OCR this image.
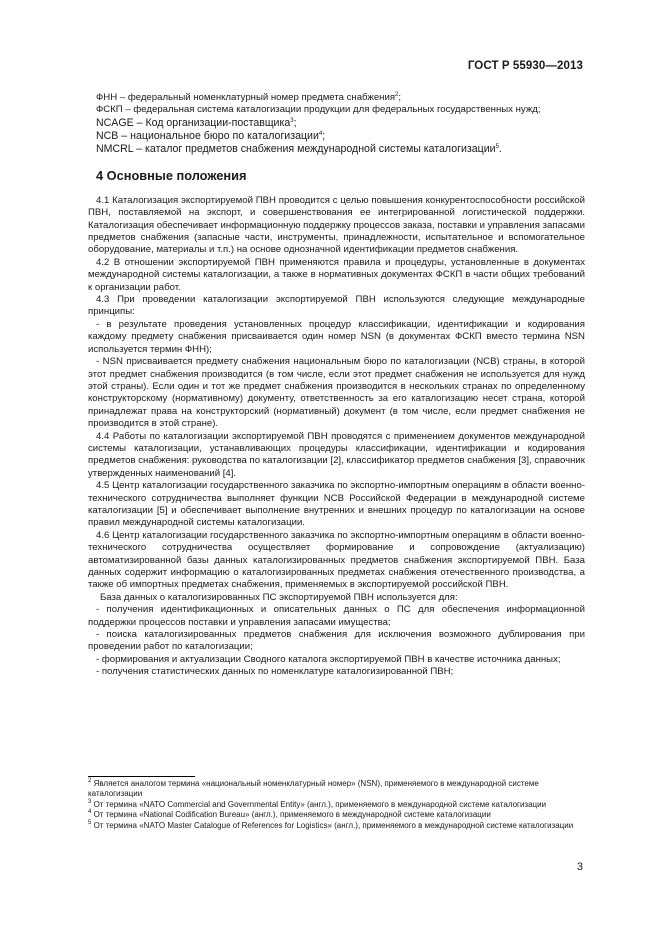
ГОСТ Р 55930—2013

ФНН – федеральный номенклатурный номер предмета снабжения$^2$;

ФСКП – федеральная система каталогизации продукции для федеральных государственных нужд;

NCAGE – Код организации-поставщика$^3$;

NCB – национальное бюро по каталогизации$^4$;

NMCRL – каталог предметов снабжения международной системы каталогизации$^5$.

4 Основные положения

4.1 Каталогизация экспортируемой ПВН проводится с целью повышения конкурентоспособности российской ПВН, поставляемой на экспорт, и совершенствования ее интегрированной логистической поддержки. Каталогизация обеспечивает информационную поддержку процессов заказа, поставки и управления запасами предметов снабжения (запасные части, инструменты, принадлежности, испытательное и вспомогательное оборудование, материалы и т.п.) на основе однозначной идентификации предметов снабжения.

4.2 В отношении экспортируемой ПВН применяются правила и процедуры, установленные в документах международной системы каталогизации, а также в нормативных документах ФСКП в части общих требований к организации работ.

4.3 При проведении каталогизации экспортируемой ПВН используются следующие международные принципы:

- в результате проведения установленных процедур классификации, идентификации и кодирования каждому предмету снабжения присваивается один номер NSN (в документах ФСКП вместо термина NSN используется термин ФНН);

- NSN присваивается предмету снабжения национальным бюро по каталогизации (NCB) страны, в которой этот предмет снабжения производится (в том числе, если этот предмет снабжения не используется для нужд этой страны). Если один и тот же предмет снабжения производится в нескольких странах по определенному конструкторскому (нормативному) документу, ответственность за его каталогизацию несет страна, которой принадлежат права на конструкторский (нормативный) документ (в том числе, если предмет снабжения не производится в этой стране).

4.4 Работы по каталогизации экспортируемой ПВН проводятся с применением документов международной системы каталогизации, устанавливающих процедуры классификации, идентификации и кодирования предметов снабжения: руководства по каталогизации [2], классификатор предметов снабжения [3], справочник утвержденных наименований [4].

4.5 Центр каталогизации государственного заказчика по экспортно-импортным операциям в области военно-технического сотрудничества выполняет функции NCB Российской Федерации в международной системе каталогизации [5] и обеспечивает выполнение внутренних и внешних процедур по каталогизации на основе правил международной системы каталогизации.

4.6 Центр каталогизации государственного заказчика по экспортно-импортным операциям в области военно-технического сотрудничества осуществляет формирование и сопровождение (актуализацию) автоматизированной базы данных каталогизированных предметов снабжения экспортируемой ПВН. База данных содержит информацию о каталогизированных предметах снабжения отечественного производства, а также об импортных предметах снабжения, применяемых в экспортируемой российской ПВН.

База данных о каталогизированных ПС экспортируемой ПВН используется для:

- получения идентификационных и описательных данных о ПС для обеспечения информационной поддержки процессов поставки и управления запасами имущества;

- поиска каталогизированных предметов снабжения для исключения возможного дублирования при проведении работ по каталогизации;

- формирования и актуализации Сводного каталога экспортируемой ПВН в качестве источника данных;

- получения статистических данных по номенклатуре каталогизированной ПВН;

$^2$ Является аналогом термина «национальный номенклатурный номер» (NSN), применяемого в международной системе каталогизации

$^3$ От термина «NATO Commercial and Governmental Entity» (англ.), применяемого в международной системе каталогизации

$^4$ От термина «National Codification Bureau» (англ.), применяемого в международной системе каталогизации

$^5$ От термина «NATO Master Catalogue of References for Logistics» (англ.), применяемого в международной системе каталогизации

3
